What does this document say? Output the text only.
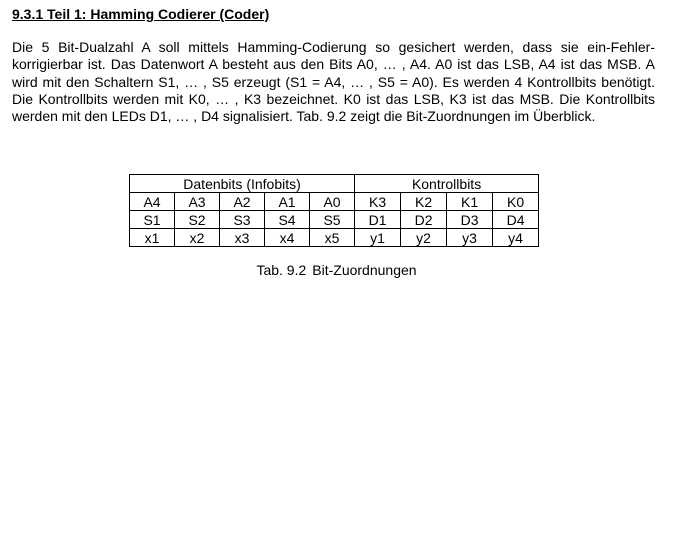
9.3.1 Teil 1: Hamming Codierer (Coder)
Die 5 Bit-Dualzahl A soll mittels Hamming-Codierung so gesichert werden, dass sie ein-Fehler-korrigierbar ist. Das Datenwort A besteht aus den Bits A0, … , A4. A0 ist das LSB, A4 ist das MSB. A wird mit den Schaltern S1, … , S5 erzeugt (S1 = A4, … , S5 = A0). Es werden 4 Kontrollbits benötigt. Die Kontrollbits werden mit K0, … , K3 bezeichnet. K0 ist das LSB, K3 ist das MSB. Die Kontrollbits werden mit den LEDs D1, … , D4 signalisiert. Tab. 9.2 zeigt die Bit-Zuordnungen im Überblick.
Datenbits (Infobits)					Kontrollbits			
A4	A3	A2	A1	A0	K3	K2	K1	K0
S1	S2	S3	S4	S5	D1	D2	D3	D4
x1	x2	x3	x4	x5	y1	y2	y3	y4
Tab. 9.2 Bit-Zuordnungen
